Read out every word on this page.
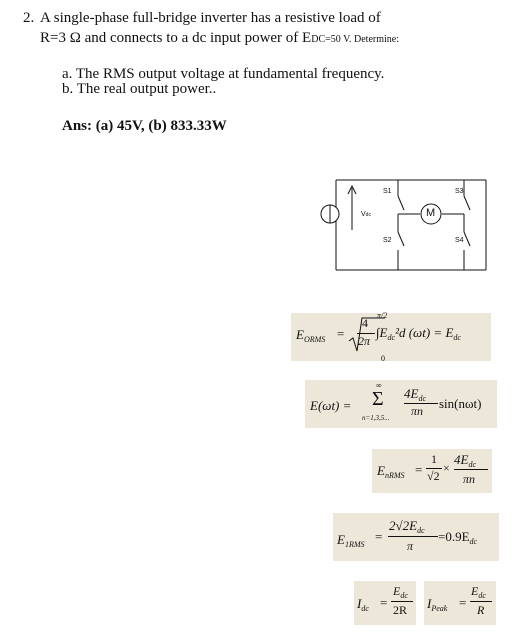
2. A single-phase full-bridge inverter has a resistive load of
R=3 Ω and connects to a dc input power of EDC=50 V. Determine:
a. The RMS output voltage at fundamental frequency.
b. The real output power..
Ans: (a) 45V, (b) 833.33W
Vdc
S1
S2
S3
S4
M
$E_{ORMS}$ =
4
2π
π/2
0
$\int E_{dc}^2d$ $(\omega t) = E_{dc}$
E(ωt) =
∞
Σ
n=1,3,5...
$4E_{dc}$
πn sin(nωt)
$E_{nRMS}$ =
1
√2
×
$4E_{dc}$
πn
$E_{1RMS}$
=
$2√2E_{dc}$
π
$=0.9E_{dc}$
$I_{dc}$ =
$E_{dc}$
2R $I_{Peak}$ =
$E_{dc}$
R
